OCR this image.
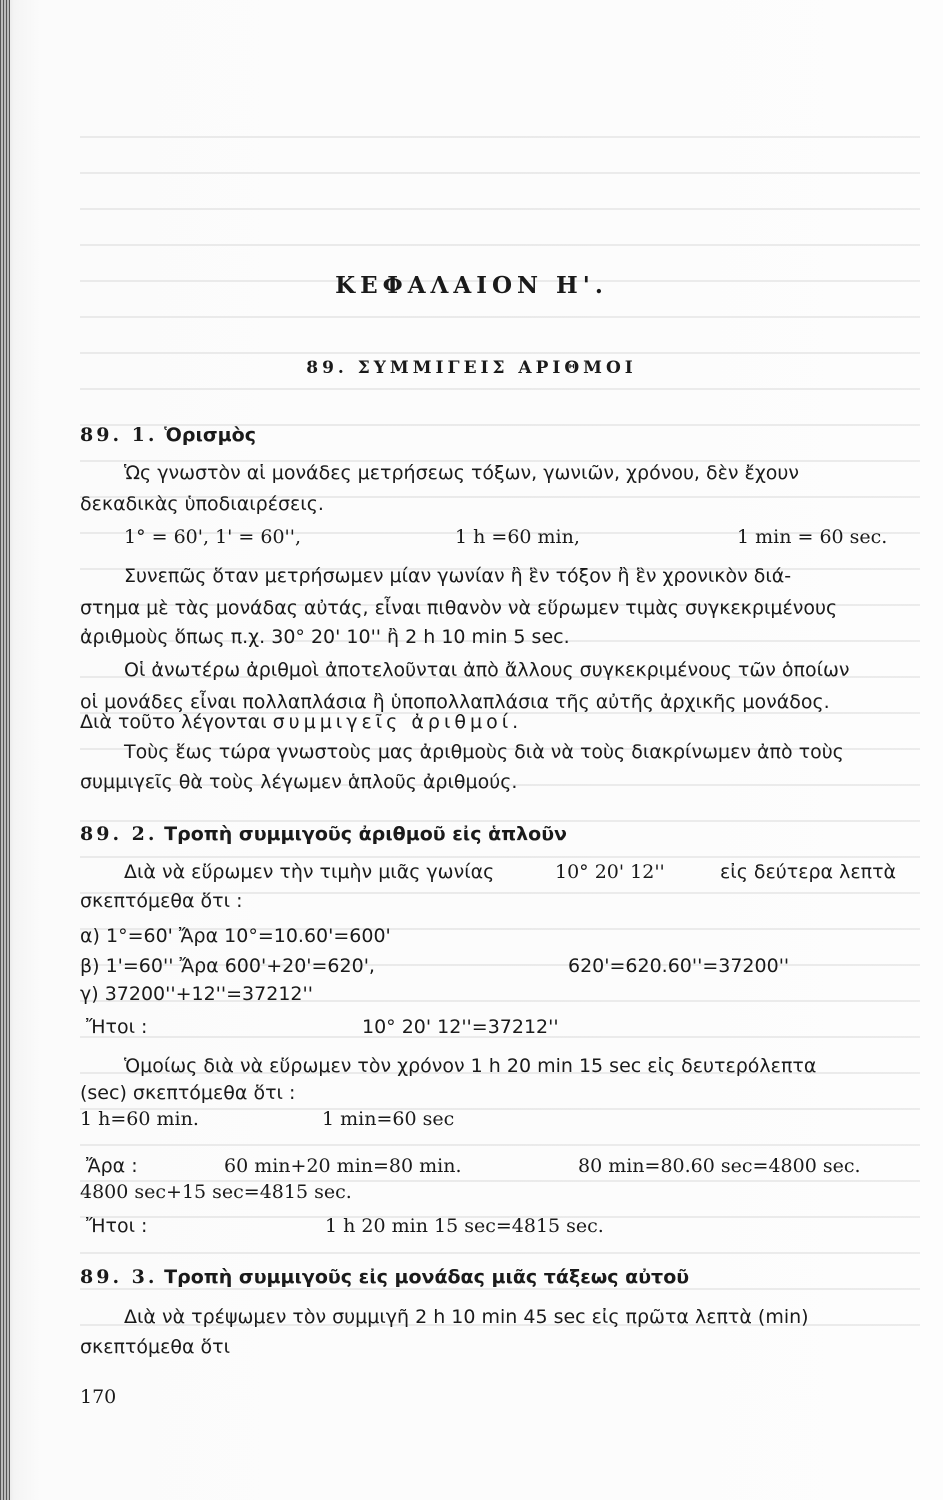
ΚΕΦΑΛΑΙΟΝ Η'.
89. ΣΥΜΜΙΓΕΙΣ ΑΡΙΘΜΟΙ
89. 1. Ὁρισμὸς
Ὡς γνωστὸν αἱ μονάδες μετρήσεως τόξων, γωνιῶν, χρόνου, δὲν ἔχουν
δεκαδικὰς ὑποδιαιρέσεις.
1° = 60', 1' = 60'',	1 h =60 min,	1 min = 60 sec.
Συνεπῶς ὅταν μετρήσωμεν μίαν γωνίαν ἢ ἓν τόξον ἢ ἓν χρονικὸν διά-
στημα μὲ τὰς μονάδας αὐτάς, εἶναι πιθανὸν νὰ εὕρωμεν τιμὰς συγκεκριμένους
ἀριθμοὺς ὅπως π.χ. 30° 20' 10'' ἢ 2 h 10 min 5 sec.
Οἱ ἀνωτέρω ἀριθμοὶ ἀποτελοῦνται ἀπὸ ἄλλους συγκεκριμένους τῶν ὁποίων
οἱ μονάδες εἶναι πολλαπλάσια ἢ ὑποπολλαπλάσια τῆς αὐτῆς ἀρχικῆς μονάδος.
Διὰ τοῦτο λέγονται συμμιγεῖς ἀριθμοί.
Τοὺς ἕως τώρα γνωστοὺς μας ἀριθμοὺς διὰ νὰ τοὺς διακρίνωμεν ἀπὸ τοὺς
συμμιγεῖς θὰ τοὺς λέγωμεν ἁπλοῦς ἀριθμούς.
89. 2. Τροπὴ συμμιγοῦς ἀριθμοῦ εἰς ἁπλοῦν
Διὰ νὰ εὕρωμεν τὴν τιμὴν μιᾶς γωνίας	10° 20' 12''	εἰς δεύτερα λεπτὰ
σκεπτόμεθα ὅτι :
α) 1°=60' Ἄρα 10°=10.60'=600'
β) 1'=60'' Ἄρα 600'+20'=620',	620'=620.60''=37200''
γ) 37200''+12''=37212''
Ἤτοι :	10° 20' 12''=37212''
Ὁμοίως διὰ νὰ εὕρωμεν τὸν χρόνον 1 h 20 min 15 sec εἰς δευτερόλεπτα
(sec) σκεπτόμεθα ὅτι :
1 h=60 min.	1 min=60 sec
Ἄρα :	60 min+20 min=80 min.	80 min=80.60 sec=4800 sec.
4800 sec+15 sec=4815 sec.
Ἤτοι :	1 h 20 min 15 sec=4815 sec.
89. 3. Τροπὴ συμμιγοῦς εἰς μονάδας μιᾶς τάξεως αὐτοῦ
Διὰ νὰ τρέψωμεν τὸν συμμιγῆ 2 h 10 min 45 sec εἰς πρῶτα λεπτὰ (min)
σκεπτόμεθα ὅτι
170
